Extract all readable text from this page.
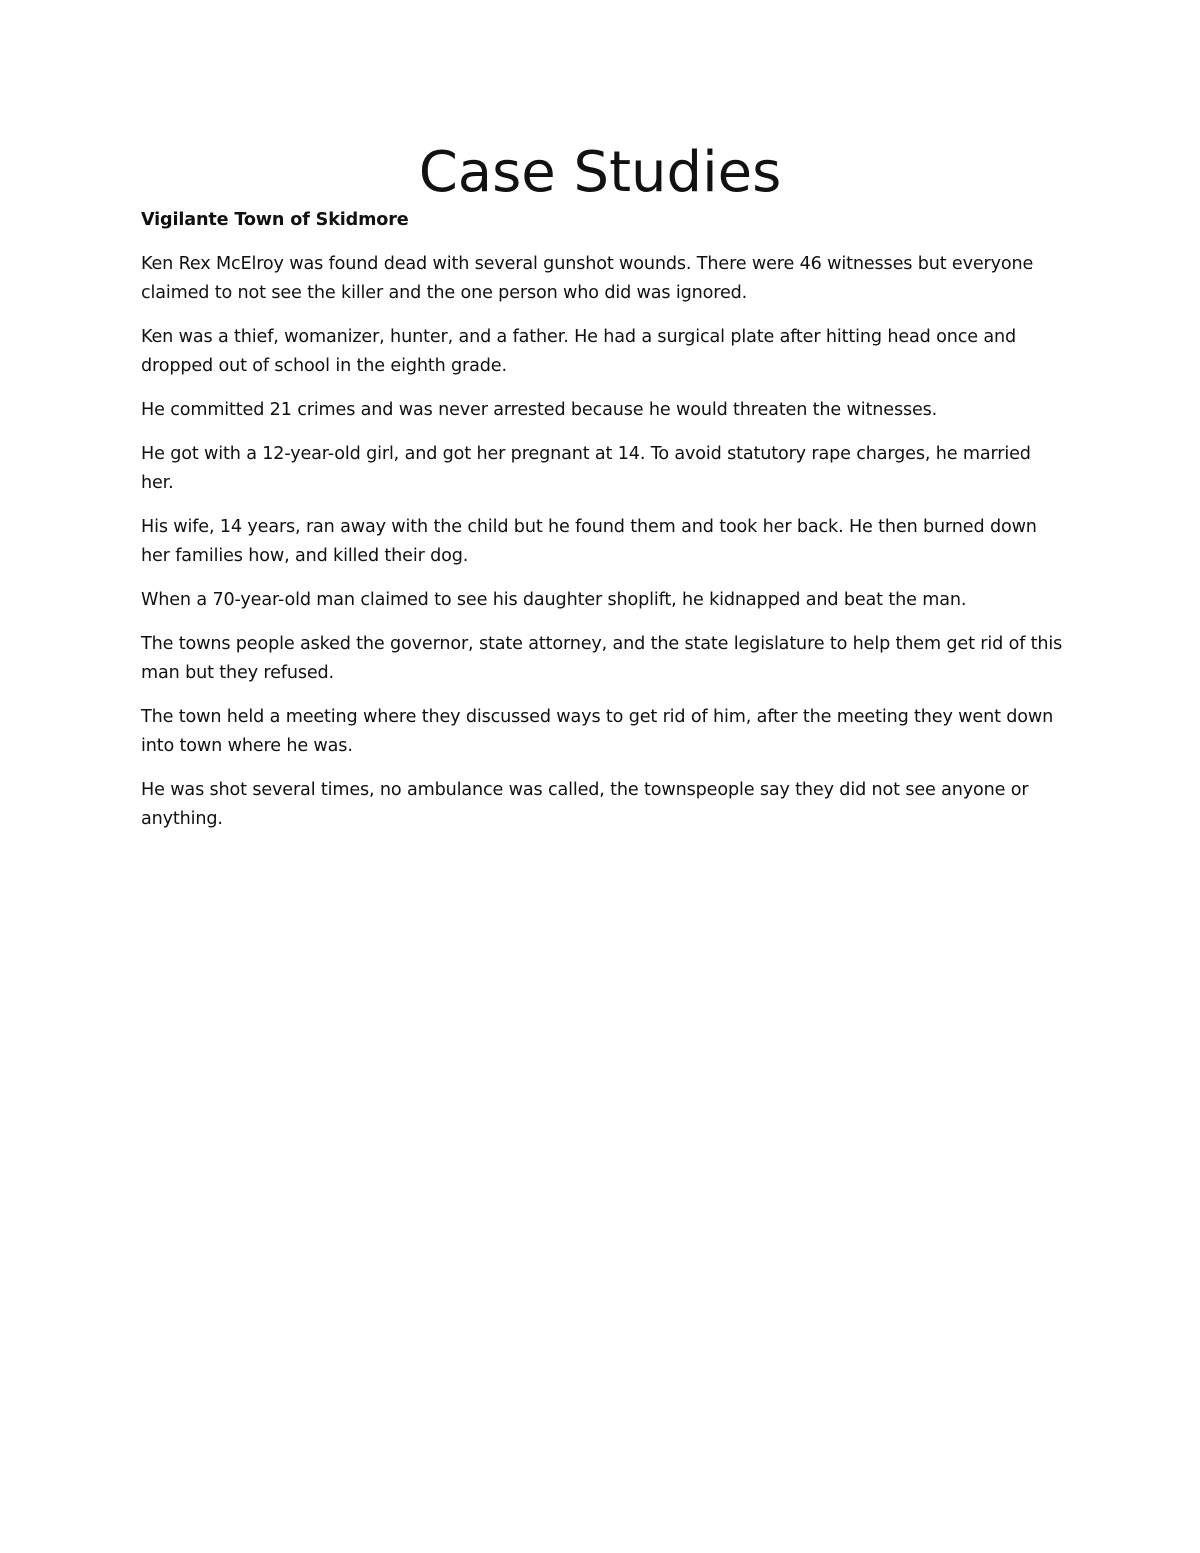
Case Studies

Vigilante Town of Skidmore

Ken Rex McElroy was found dead with several gunshot wounds. There were 46 witnesses but everyone claimed to not see the killer and the one person who did was ignored.

Ken was a thief, womanizer, hunter, and a father. He had a surgical plate after hitting head once and dropped out of school in the eighth grade.

He committed 21 crimes and was never arrested because he would threaten the witnesses.

He got with a 12-year-old girl, and got her pregnant at 14. To avoid statutory rape charges, he married her.

His wife, 14 years, ran away with the child but he found them and took her back. He then burned down her families how, and killed their dog.

When a 70-year-old man claimed to see his daughter shoplift, he kidnapped and beat the man.

The towns people asked the governor, state attorney, and the state legislature to help them get rid of this man but they refused.

The town held a meeting where they discussed ways to get rid of him, after the meeting they went down into town where he was.

He was shot several times, no ambulance was called, the townspeople say they did not see anyone or anything.
